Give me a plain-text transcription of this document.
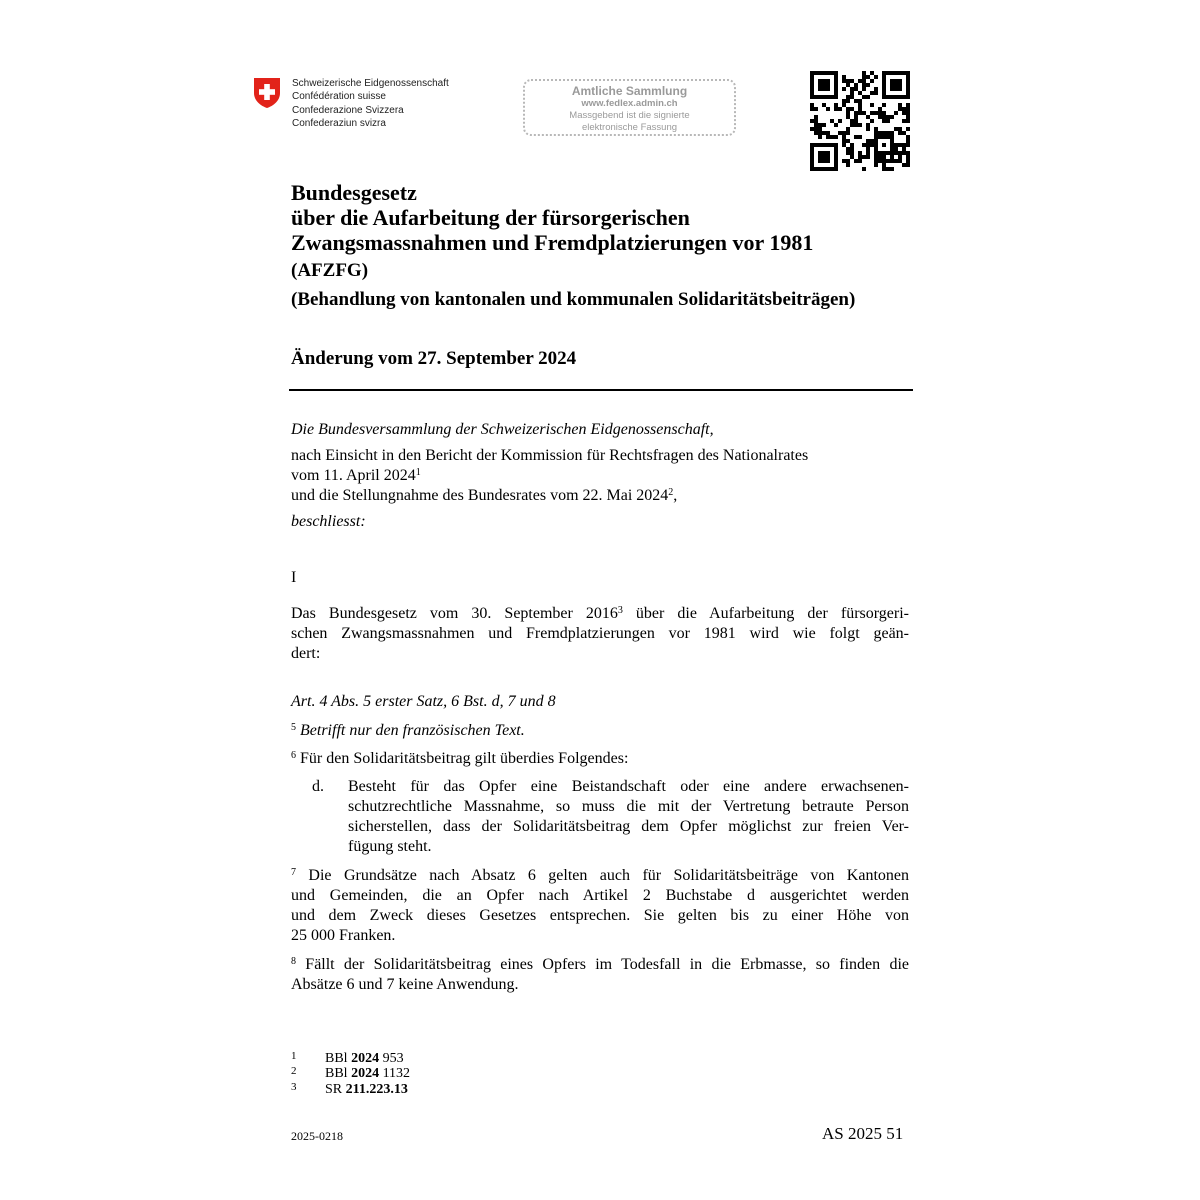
Schweizerische Eidgenossenschaft
Confédération suisse
Confederazione Svizzera
Confederaziun svizra
Amtliche Sammlung
www.fedlex.admin.ch
Massgebend ist die signierte
elektronische Fassung
Bundesgesetz
über die Aufarbeitung der fürsorgerischen
Zwangsmassnahmen und Fremdplatzierungen vor 1981
(AFZFG)
(Behandlung von kantonalen und kommunalen Solidaritätsbeiträgen)
Änderung vom 27. September 2024
Die Bundesversammlung der Schweizerischen Eidgenossenschaft,
nach Einsicht in den Bericht der Kommission für Rechtsfragen des Nationalrates
vom 11. April 2024$^1$
und die Stellungnahme des Bundesrates vom 22. Mai 2024$^2$,
beschliesst:
I
Das Bundesgesetz vom 30. September 2016$^3$ über die Aufarbeitung der fürsorgeri-
schen Zwangsmassnahmen und Fremdplatzierungen vor 1981 wird wie folgt geän-
dert:
Art. 4 Abs. 5 erster Satz, 6 Bst. d, 7 und 8
$^5$ Betrifft nur den französischen Text.
$^6$ Für den Solidaritätsbeitrag gilt überdies Folgendes:
d. Besteht für das Opfer eine Beistandschaft oder eine andere erwachsenen-
schutzrechtliche Massnahme, so muss die mit der Vertretung betraute Person
sicherstellen, dass der Solidaritätsbeitrag dem Opfer möglichst zur freien Ver-
fügung steht.
$^7$ Die Grundsätze nach Absatz 6 gelten auch für Solidaritätsbeiträge von Kantonen
und Gemeinden, die an Opfer nach Artikel 2 Buchstabe d ausgerichtet werden
und dem Zweck dieses Gesetzes entsprechen. Sie gelten bis zu einer Höhe von
25 000 Franken.
$^8$ Fällt der Solidaritätsbeitrag eines Opfers im Todesfall in die Erbmasse, so finden die
Absätze 6 und 7 keine Anwendung.
1 BBl 2024 953
2 BBl 2024 1132
3 SR 211.223.13
2025-0218	AS 2025 51
